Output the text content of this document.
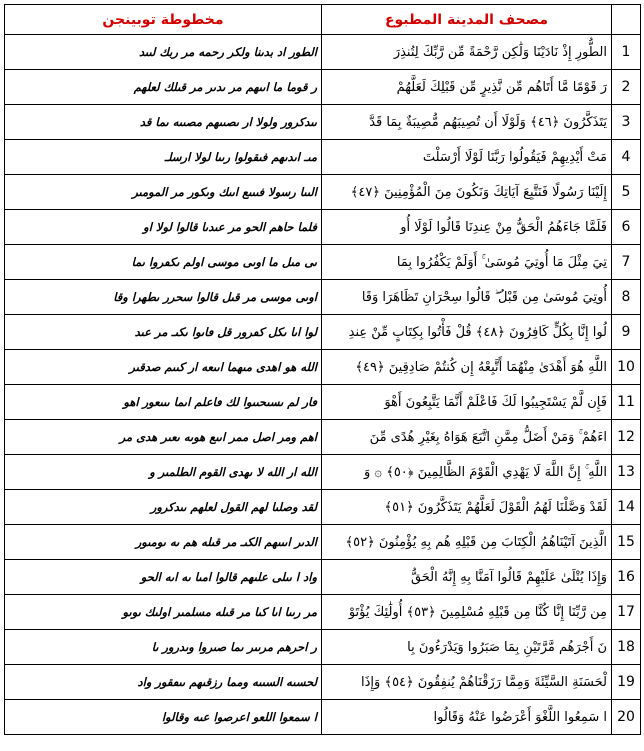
مخطوطة توبينجن	مصحف المدينة المطبوع	
الطور اد بدىنا ولكر رحمه مر ربك لىىد	الطُّورِ إِذْ نَادَيْنَا وَلَٰكِن رَّحْمَةً مِّن رَّبِّكَ لِتُنذِرَ	1
ر قوما ما اىىهم مر ىدىر مر قىلك لعلهم	رَ قَوْمًا مَّا أَتَاهُم مِّن نَّذِيرٍ مِّن قَبْلِكَ لَعَلَّهُمْ	2
ىىدكرور ولولا ار ىصىىهم مصىىه ىما قد	يَتَذَكَّرُونَ ﴿٤٦﴾ وَلَوْلَا أَن تُصِيبَهُم مُّصِيبَةٌ بِمَا قَدَّ	3
مىـ اىدىهم فىقولوا رىىا لولا ارسلـ	مَتْ أَيْدِيهِمْ فَيَقُولُوا رَبَّنَا لَوْلَا أَرْسَلْتَ	4
الىىا رسولا فىىىع اىىك وىكور مر المومىر	إِلَيْنَا رَسُولًا فَنَتَّبِعَ آيَاتِكَ وَنَكُونَ مِنَ الْمُؤْمِنِينَ ﴿٤٧﴾	5
فلما حاهم الحو مر عىدىا قالوا لولا او	فَلَمَّا جَاءَهُمُ الْحَقُّ مِنْ عِندِنَا قَالُوا لَوْلَا أُو	6
ىى مىل ما اوىى موسى اولم ىكڡروا ىما	تِيَ مِثْلَ مَا أُوتِيَ مُوسَىٰ ۚ أَوَلَمْ يَكْفُرُوا بِمَا	7
اوىى موسى مر قىل قالوا سحرر ىطهرا وقا	أُوتِيَ مُوسَىٰ مِن قَبْلُ ۖ قَالُوا سِحْرَانِ تَظَاهَرَا وَقَا	8
لوا اىا ىكل كڡرور قل ڡاىوا ىكىـ مر عىد	لُوا إِنَّا بِكُلٍّ كَافِرُونَ ﴿٤٨﴾ قُلْ فَأْتُوا بِكِتَابٍ مِّنْ عِندِ	9
الله هو اهدى مىهما اىىعه ار كىىم صدقىر	اللَّهِ هُوَ أَهْدَىٰ مِنْهُمَا أَتَّبِعْهُ إِن كُنتُمْ صَادِقِينَ ﴿٤٩﴾	10
ڡار لم ىسىحىىوا لك ڡاعلم اىما ىىىعور اهو	فَإِن لَّمْ يَسْتَجِيبُوا لَكَ فَاعْلَمْ أَنَّمَا يَتَّبِعُونَ أَهْوَ	11
اهم ومر اصل ممر اىىع هوىه ىعىر هدى مر	اءَهُمْ ۚ وَمَنْ أَضَلُّ مِمَّنِ اتَّبَعَ هَوَاهُ بِغَيْرِ هُدًى مِّنَ	12
الله ار الله لا ىهدى القوم الطلمىر و	اللَّهِ ۚ إِنَّ اللَّهَ لَا يَهْدِي الْقَوْمَ الظَّالِمِينَ ﴿٥٠﴾ ۞ وَ	13
لقد وصلىا لهم القول لعلهم ىىدكرور	لَقَدْ وَصَّلْنَا لَهُمُ الْقَوْلَ لَعَلَّهُمْ يَتَذَكَّرُونَ ﴿٥١﴾	14
الدىر اىىىهم الكىـ مر قىله هم ىه ىومىور	الَّذِينَ آتَيْنَاهُمُ الْكِتَابَ مِن قَبْلِهِ هُم بِهِ يُؤْمِنُونَ ﴿٥٢﴾	15
واد ا ىىلى علىهم قالوا امىا ىه اىه الحو	وَإِذَا يُتْلَىٰ عَلَيْهِمْ قَالُوا آمَنَّا بِهِ إِنَّهُ الْحَقُّ	16
مر رىىا اىا كىا مر قىله مسلمىر اولىك ىوىو	مِن رَّبِّنَا إِنَّا كُنَّا مِن قَبْلِهِ مُسْلِمِينَ ﴿٥٣﴾ أُولَٰئِكَ يُؤْتَوْ	17
ر احرهم مرىىر ىما صىروا وىدرور ىا	نَ أَجْرَهُم مَّرَّتَيْنِ بِمَا صَبَرُوا وَيَدْرَءُونَ بِا	18
لحسىه السىىه ومما رزقىهم ىىڡقور واد	لْحَسَنَةِ السَّيِّئَةَ وَمِمَّا رَزَقْنَاهُمْ يُنفِقُونَ ﴿٥٤﴾ وَإِذَا	19
ا سمعوا اللعو اعرصوا عىه وقالوا	ا سَمِعُوا اللَّغْوَ أَعْرَضُوا عَنْهُ وَقَالُوا	20
